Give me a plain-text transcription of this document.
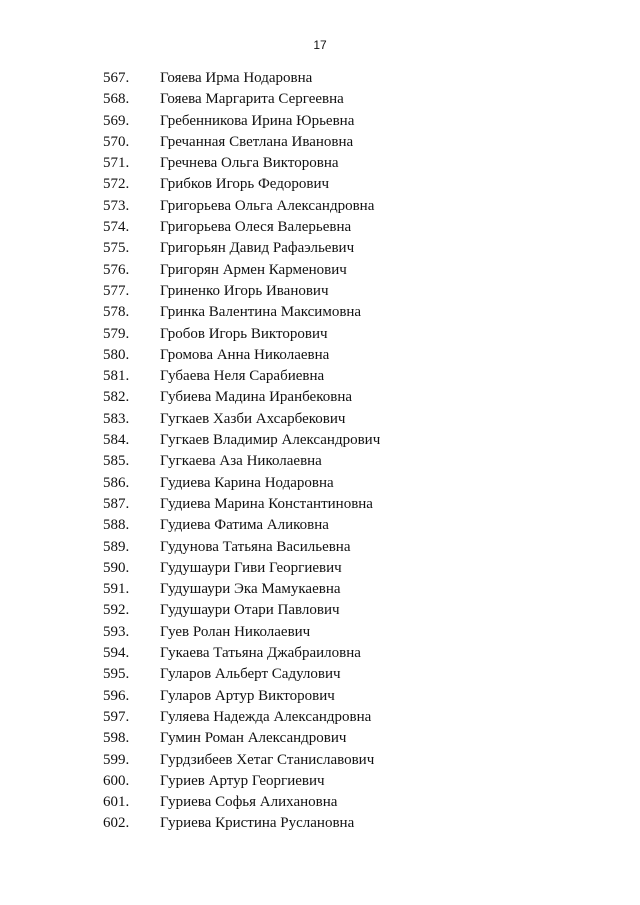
17
567.	Гояева Ирма Нодаровна
568.	Гояева Маргарита Сергеевна
569.	Гребенникова Ирина Юрьевна
570.	Гречанная Светлана Ивановна
571.	Гречнева Ольга Викторовна
572.	Грибков Игорь Федорович
573.	Григорьева Ольга Александровна
574.	Григорьева Олеся Валерьевна
575.	Григорьян Давид Рафаэльевич
576.	Григорян Армен Карменович
577.	Гриненко Игорь Иванович
578.	Гринка Валентина Максимовна
579.	Гробов Игорь Викторович
580.	Громова Анна Николаевна
581.	Губаева Неля Сарабиевна
582.	Губиева Мадина Иранбековна
583.	Гугкаев Хазби Ахсарбекович
584.	Гугкаев Владимир Александрович
585.	Гугкаева Аза Николаевна
586.	Гудиева Карина Нодаровна
587.	Гудиева Марина Константиновна
588.	Гудиева Фатима Аликовна
589.	Гудунова Татьяна Васильевна
590.	Гудушаури Гиви Георгиевич
591.	Гудушаури Эка Мамукаевна
592.	Гудушаури Отари Павлович
593.	Гуев Ролан Николаевич
594.	Гукаева Татьяна Джабраиловна
595.	Гуларов Альберт Садулович
596.	Гуларов Артур Викторович
597.	Гуляева Надежда Александровна
598.	Гумин Роман Александрович
599.	Гурдзибеев Хетаг Станиславович
600.	Гуриев Артур Георгиевич
601.	Гуриева Софья Алихановна
602.	Гуриева Кристина Руслановна
